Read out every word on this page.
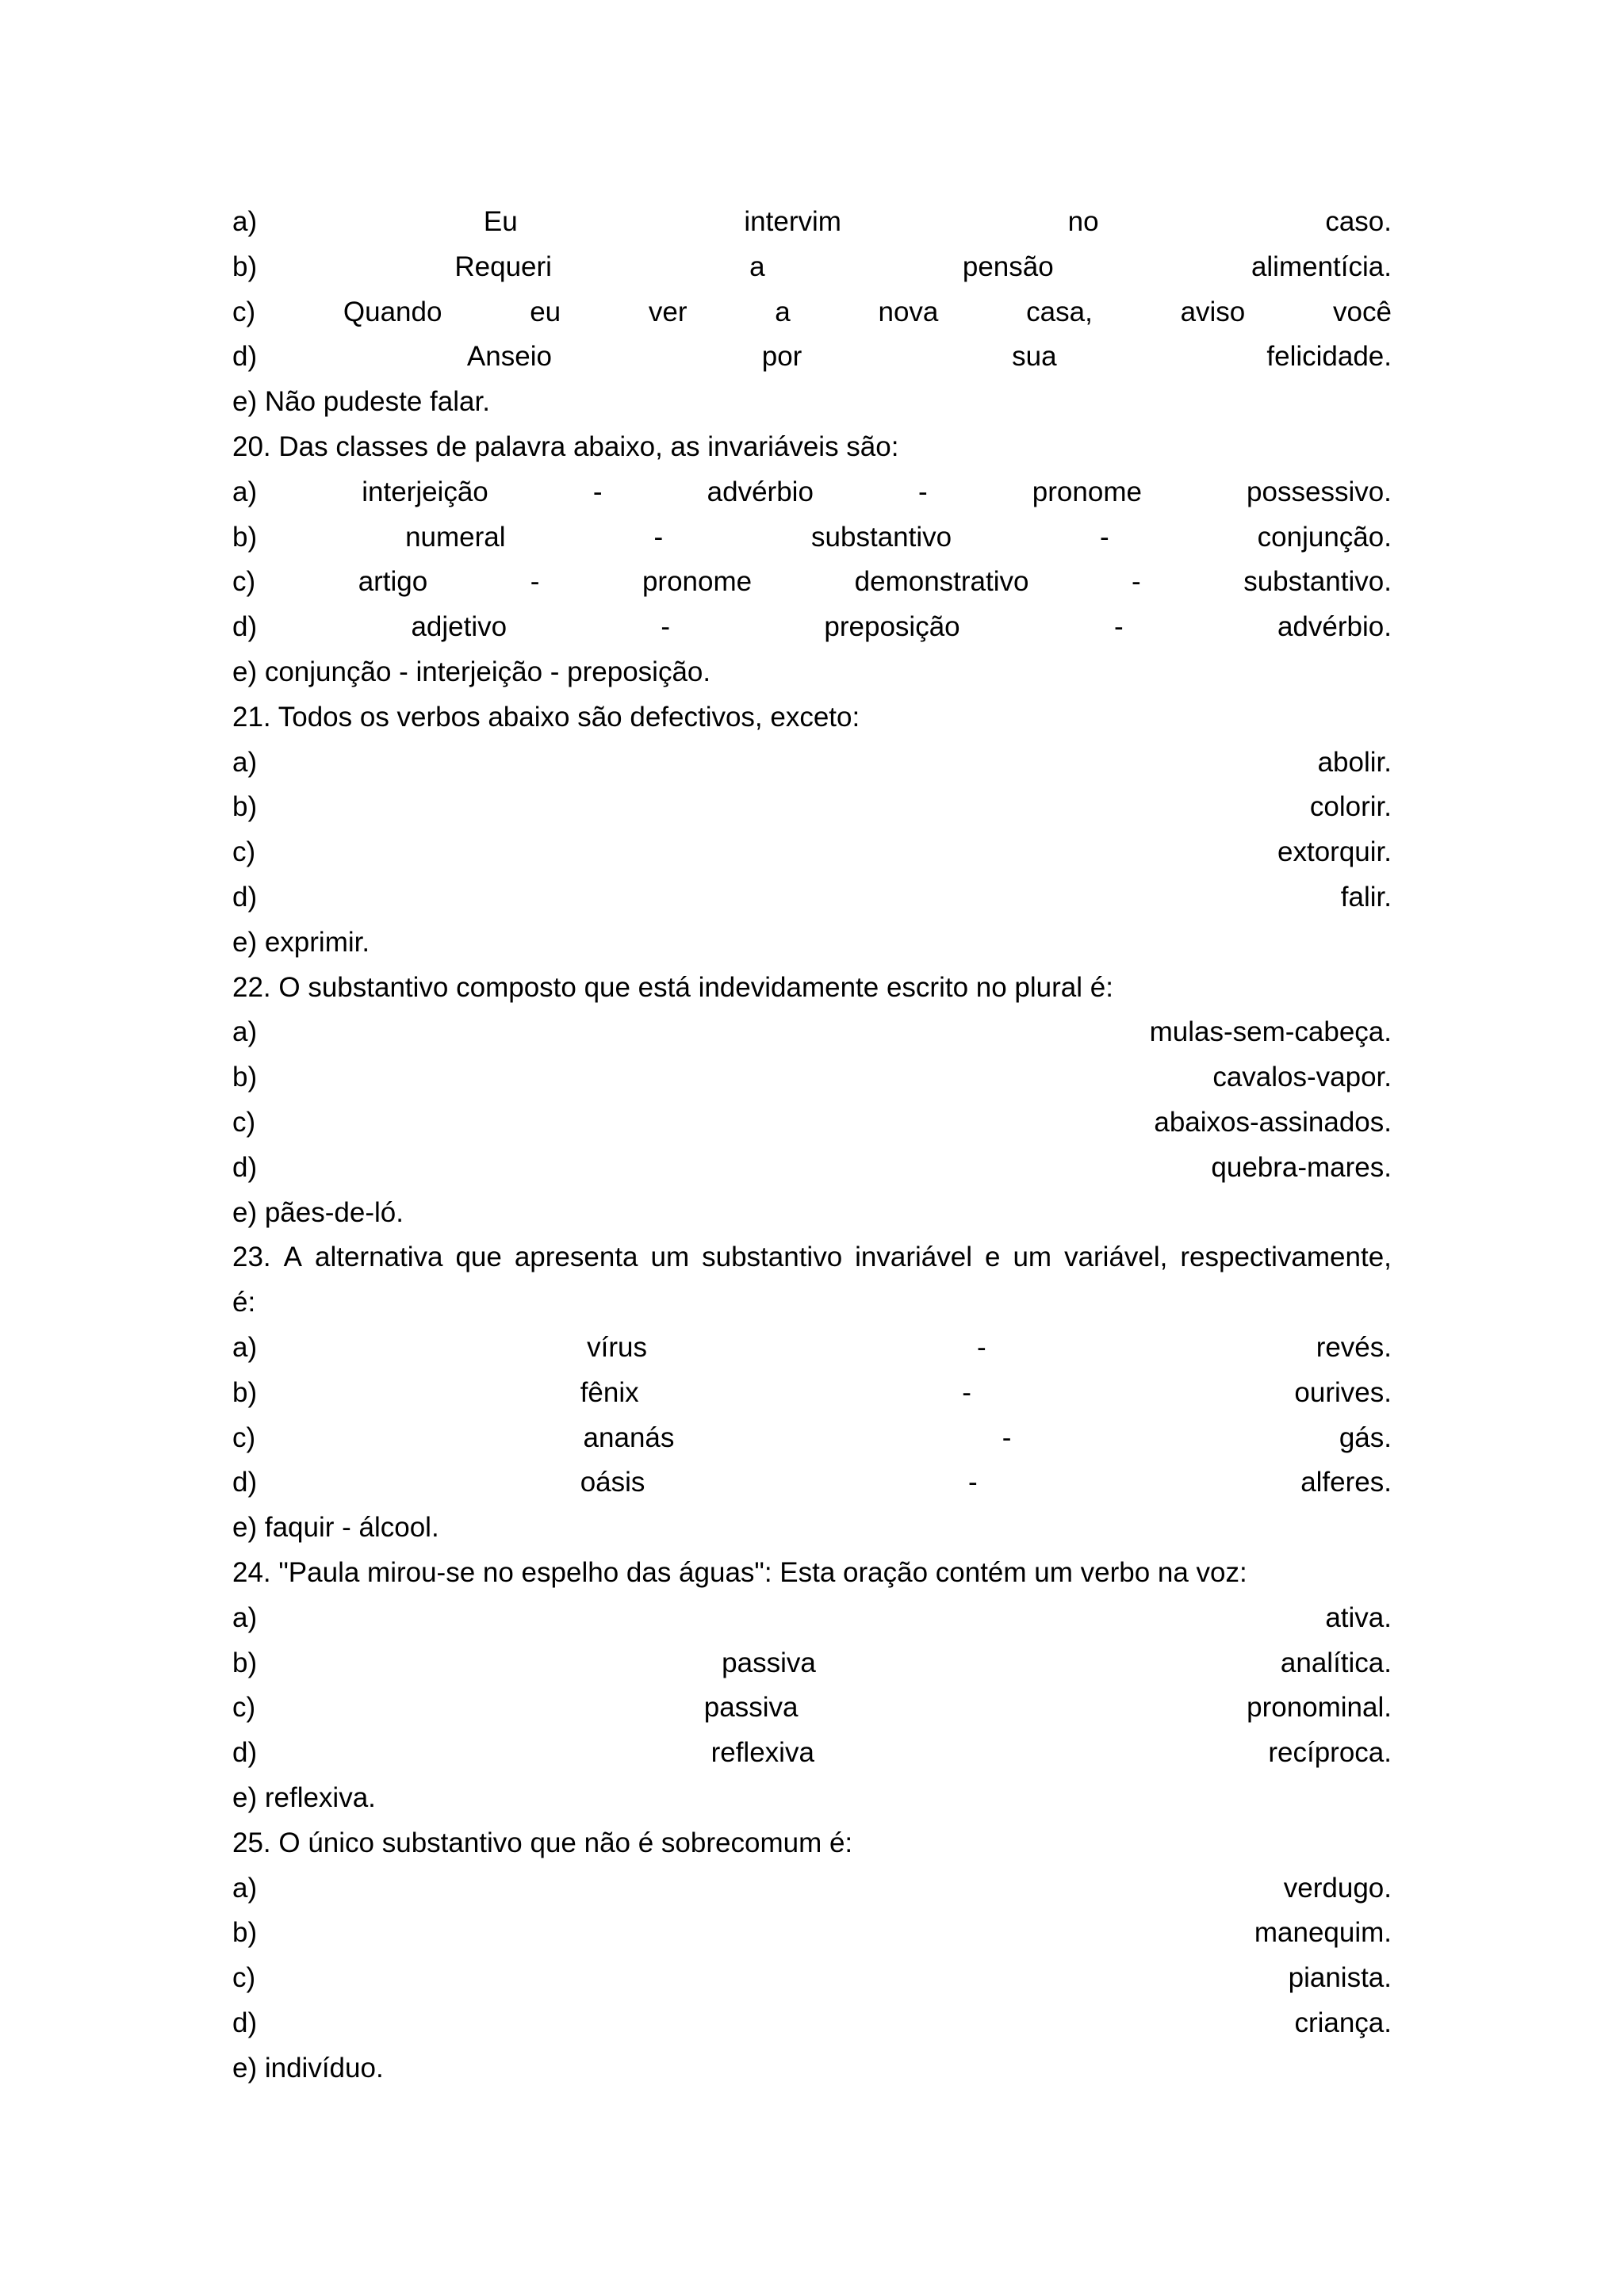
a)	Eu	intervim	no	caso.
b)	Requeri	a	pensão	alimentícia.
c)	Quando	eu	ver	a	nova	casa,	aviso	você
d)	Anseio	por	sua	felicidade.
e) Não pudeste falar.
20. Das classes de palavra abaixo, as invariáveis são:
a)	interjeição	-	advérbio	-	pronome	possessivo.
b)	numeral	-	substantivo	-	conjunção.
c)	artigo	-	pronome	demonstrativo	-	substantivo.
d)	adjetivo	-	preposição	-	advérbio.
e) conjunção - interjeição - preposição.
21. Todos os verbos abaixo são defectivos, exceto:
a)	abolir.
b)	colorir.
c)	extorquir.
d)	falir.
e) exprimir.
22. O substantivo composto que está indevidamente escrito no plural é:
a)	mulas-sem-cabeça.
b)	cavalos-vapor.
c)	abaixos-assinados.
d)	quebra-mares.
e) pães-de-ló.
23. A alternativa que apresenta um substantivo invariável e um variável, respectivamente,
é:
a)	vírus	-	revés.
b)	fênix	-	ourives.
c)	ananás	-	gás.
d)	oásis	-	alferes.
e) faquir - álcool.
24. "Paula mirou-se no espelho das águas": Esta oração contém um verbo na voz:
a)	ativa.
b)	passiva	analítica.
c)	passiva	pronominal.
d)	reflexiva	recíproca.
e) reflexiva.
25. O único substantivo que não é sobrecomum é:
a)	verdugo.
b)	manequim.
c)	pianista.
d)	criança.
e) indivíduo.
